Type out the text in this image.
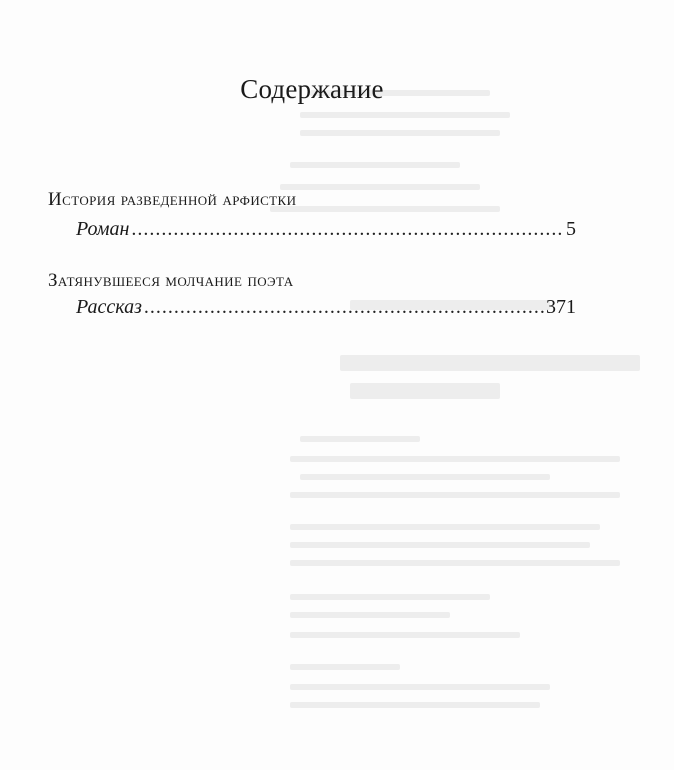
Содержание
История разведенной арфистки
Роман .....	5
Затянувшееся молчание поэта
Рассказ .....	371
